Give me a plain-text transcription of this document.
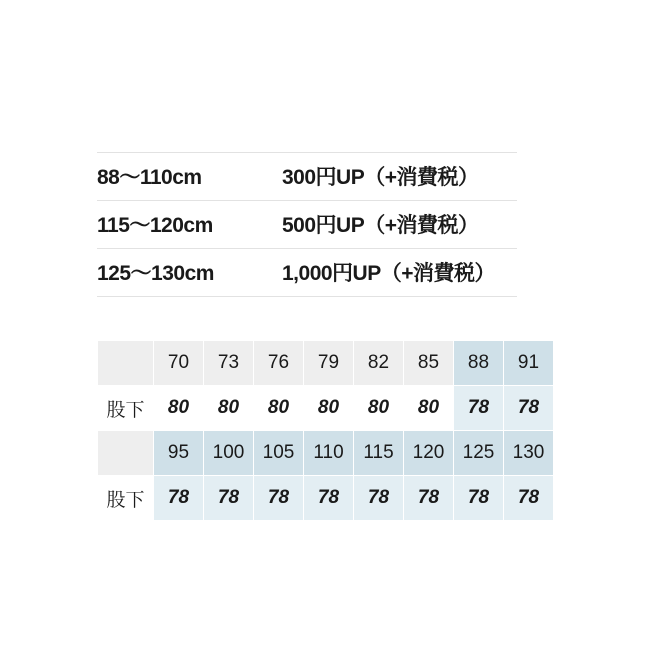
88〜110cm	300円UP（+消費税）
115〜120cm	500円UP（+消費税）
125〜130cm	1,000円UP（+消費税）
	70	73	76	79	82	85	88	91
股下	80	80	80	80	80	80	78	78
	95	100	105	110	115	120	125	130
股下	78	78	78	78	78	78	78	78
